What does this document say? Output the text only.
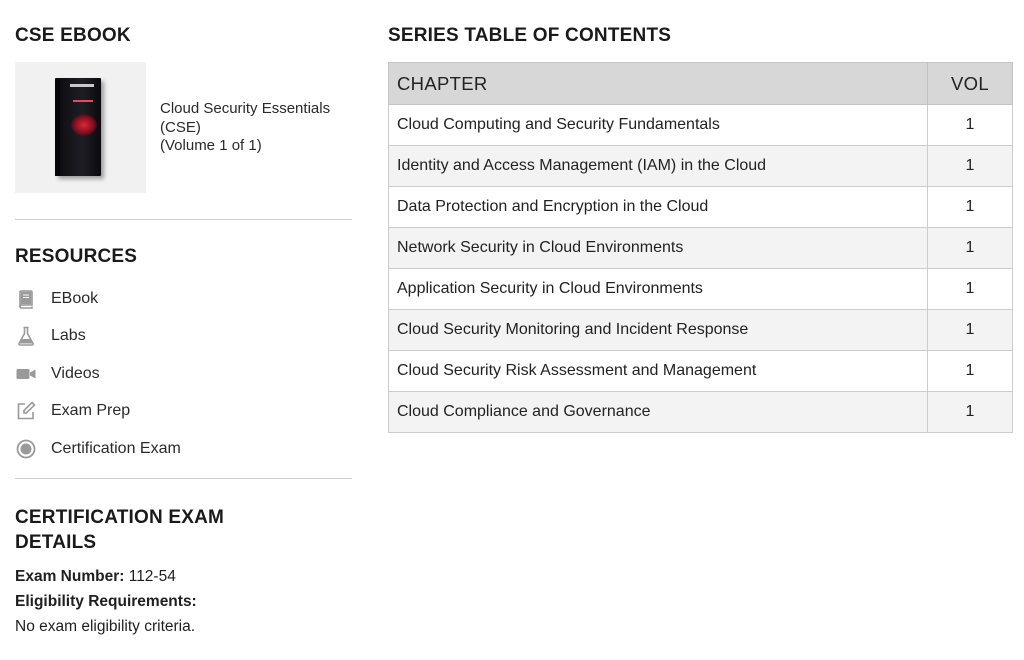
CSE EBOOK
Cloud Security Essentials
(CSE)
(Volume 1 of 1)
RESOURCES
EBook
Labs
Videos
Exam Prep
Certification Exam
CERTIFICATION EXAM DETAILS
Exam Number: 112-54
Eligibility Requirements:
No exam eligibility criteria.
SERIES TABLE OF CONTENTS
CHAPTER	VOL
Cloud Computing and Security Fundamentals	1
Identity and Access Management (IAM) in the Cloud	1
Data Protection and Encryption in the Cloud	1
Network Security in Cloud Environments	1
Application Security in Cloud Environments	1
Cloud Security Monitoring and Incident Response	1
Cloud Security Risk Assessment and Management	1
Cloud Compliance and Governance	1
